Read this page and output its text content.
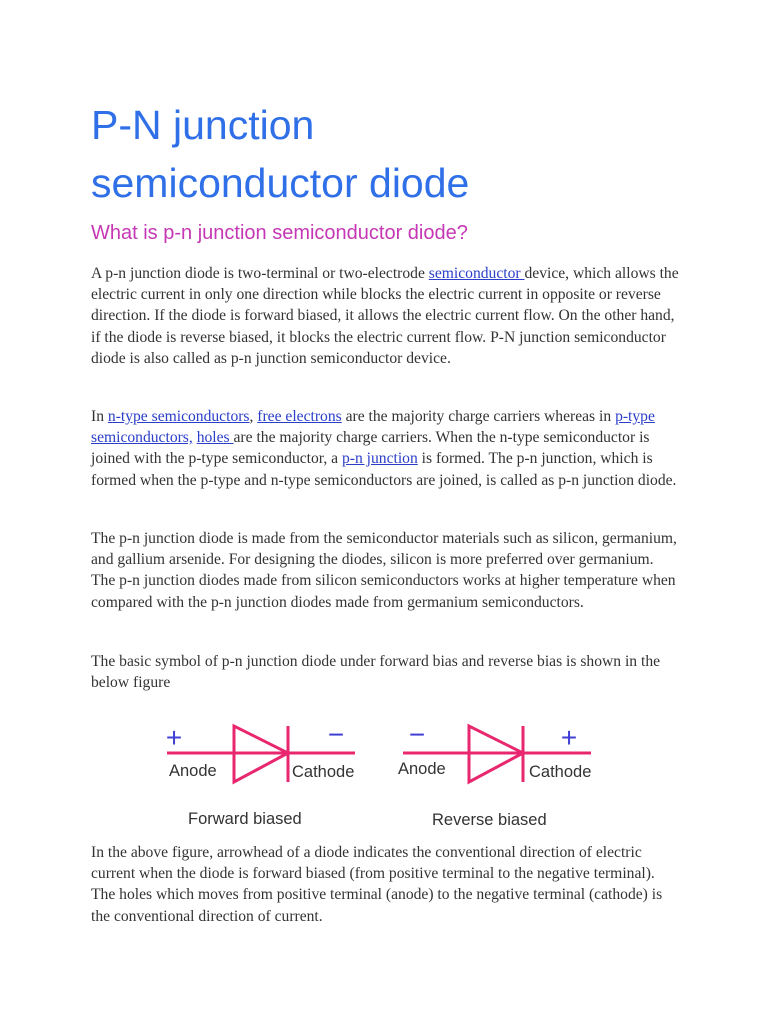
P-N junction
semiconductor diode
What is p-n junction semiconductor diode?

A p-n junction diode is two-terminal or two-electrode semiconductor device, which allows the electric current in only one direction while blocks the electric current in opposite or reverse direction. If the diode is forward biased, it allows the electric current flow. On the other hand, if the diode is reverse biased, it blocks the electric current flow. P-N junction semiconductor diode is also called as p-n junction semiconductor device.

In n-type semiconductors, free electrons are the majority charge carriers whereas in p-type semiconductors, holes are the majority charge carriers. When the n-type semiconductor is joined with the p-type semiconductor, a p-n junction is formed. The p-n junction, which is formed when the p-type and n-type semiconductors are joined, is called as p-n junction diode.

The p-n junction diode is made from the semiconductor materials such as silicon, germanium, and gallium arsenide. For designing the diodes, silicon is more preferred over germanium. The p-n junction diodes made from silicon semiconductors works at higher temperature when compared with the p-n junction diodes made from germanium semiconductors.

The basic symbol of p-n junction diode under forward bias and reverse bias is shown in the below figure

+	−
Anode	Cathode
Forward biased
−	+
Anode	Cathode
Reverse biased

In the above figure, arrowhead of a diode indicates the conventional direction of electric current when the diode is forward biased (from positive terminal to the negative terminal). The holes which moves from positive terminal (anode) to the negative terminal (cathode) is the conventional direction of current.
